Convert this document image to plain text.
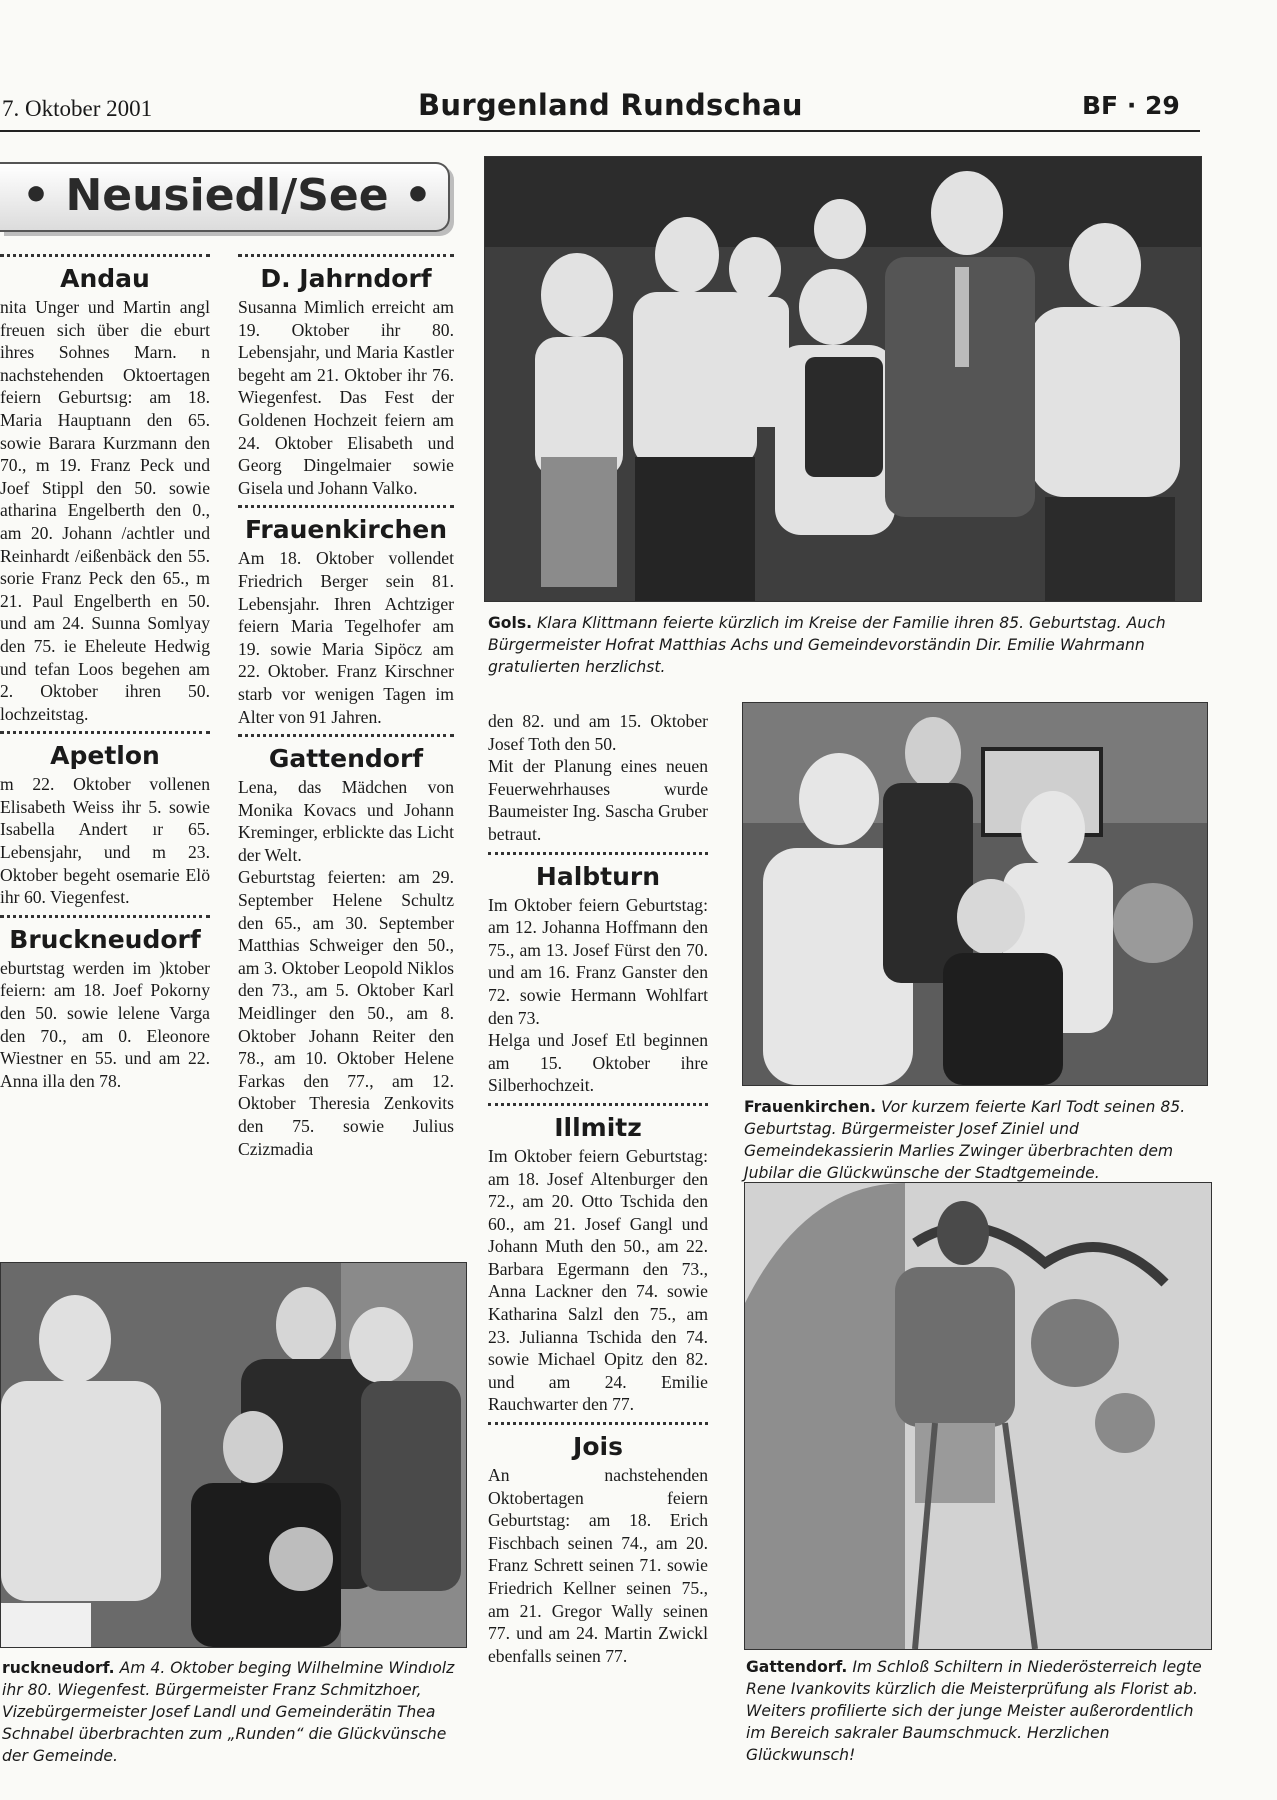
7. Oktober 2001	Burgenland Rundschau	BF · 29
• Neusiedl/See •
Andau

nita Unger und Martin angl freuen sich über die eburt ihres Sohnes Marn. n nachstehenden Oktoertagen feiern Geburtsıg: am 18. Maria Hauptıann den 65. sowie Barara Kurzmann den 70., m 19. Franz Peck und Joef Stippl den 50. sowie atharina Engelberth den 0., am 20. Johann /achtler und Reinhardt /eißenbäck den 55. sorie Franz Peck den 65., m 21. Paul Engelberth en 50. und am 24. Suınna Somlyay den 75. ie Eheleute Hedwig und tefan Loos begehen am 2. Oktober ihren 50. lochzeitstag.

Apetlon

m 22. Oktober vollenen Elisabeth Weiss ihr 5. sowie Isabella Andert ır 65. Lebensjahr, und m 23. Oktober begeht osemarie Elö ihr 60. Viegenfest.

Bruckneudorf

eburtstag werden im )ktober feiern: am 18. Joef Pokorny den 50. sowie lelene Varga den 70., am 0. Eleonore Wiestner en 55. und am 22. Anna illa den 78.

D. Jahrndorf

Susanna Mimlich erreicht am 19. Oktober ihr 80. Lebensjahr, und Maria Kastler begeht am 21. Oktober ihr 76. Wiegenfest. Das Fest der Goldenen Hochzeit feiern am 24. Oktober Elisabeth und Georg Dingelmaier sowie Gisela und Johann Valko.

Frauenkirchen

Am 18. Oktober vollendet Friedrich Berger sein 81. Lebensjahr. Ihren Achtziger feiern Maria Tegelhofer am 19. sowie Maria Sipöcz am 22. Oktober. Franz Kirschner starb vor wenigen Tagen im Alter von 91 Jahren.

Gattendorf

Lena, das Mädchen von Monika Kovacs und Johann Kreminger, erblickte das Licht der Welt.

Geburtstag feierten: am 29. September Helene Schultz den 65., am 30. September Matthias Schweiger den 50., am 3. Oktober Leopold Niklos den 73., am 5. Oktober Karl Meidlinger den 50., am 8. Oktober Johann Reiter den 78., am 10. Oktober Helene Farkas den 77., am 12. Oktober Theresia Zenkovits den 75. sowie Julius Czizmadia

den 82. und am 15. Oktober Josef Toth den 50.

Mit der Planung eines neuen Feuerwehrhauses wurde Baumeister Ing. Sascha Gruber betraut.

Halbturn

Im Oktober feiern Geburtstag: am 12. Johanna Hoffmann den 75., am 13. Josef Fürst den 70. und am 16. Franz Ganster den 72. sowie Hermann Wohlfart den 73.

Helga und Josef Etl beginnen am 15. Oktober ihre Silberhochzeit.

Illmitz

Im Oktober feiern Geburtstag: am 18. Josef Altenburger den 72., am 20. Otto Tschida den 60., am 21. Josef Gangl und Johann Muth den 50., am 22. Barbara Egermann den 73., Anna Lackner den 74. sowie Katharina Salzl den 75., am 23. Julianna Tschida den 74. sowie Michael Opitz den 82. und am 24. Emilie Rauchwarter den 77.

Jois

An nachstehenden Oktobertagen feiern Geburtstag: am 18. Erich Fischbach seinen 74., am 20. Franz Schrett seinen 71. sowie Friedrich Kellner seinen 75., am 21. Gregor Wally seinen 77. und am 24. Martin Zwickl ebenfalls seinen 77.

Gols. Klara Klittmann feierte kürzlich im Kreise der Familie ihren 85. Geburtstag. Auch Bürgermeister Hofrat Matthias Achs und Gemeindevorständin Dir. Emilie Wahrmann gratulierten herzlichst.
Frauenkirchen. Vor kurzem feierte Karl Todt seinen 85. Geburtstag. Bürgermeister Josef Ziniel und Gemeindekassierin Marlies Zwinger überbrachten dem Jubilar die Glückwünsche der Stadtgemeinde.
ruckneudorf. Am 4. Oktober beging Wilhelmine Windıolz ihr 80. Wiegenfest. Bürgermeister Franz Schmitzhoer, Vizebürgermeister Josef Landl und Gemeinderätin Thea Schnabel überbrachten zum „Runden“ die Glückvünsche der Gemeinde.
Gattendorf. Im Schloß Schiltern in Niederösterreich legte Rene Ivankovits kürzlich die Meisterprüfung als Florist ab. Weiters profilierte sich der junge Meister außerordentlich im Bereich sakraler Baumschmuck. Herzlichen Glückwunsch!
